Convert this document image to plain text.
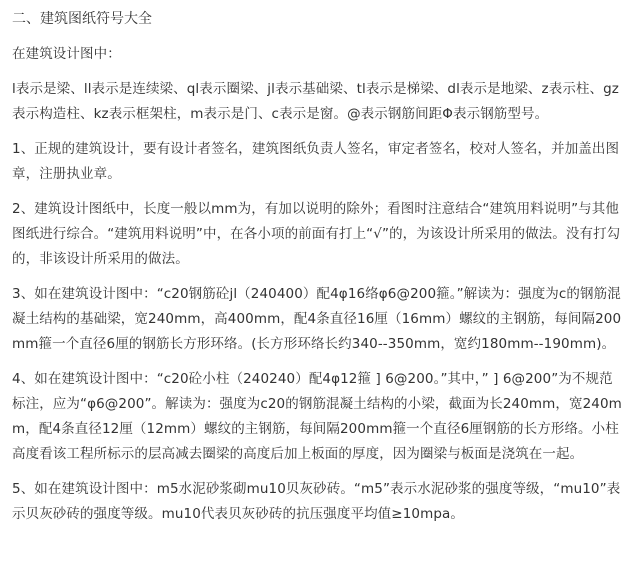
二、建筑图纸符号大全

在建筑设计图中：

l表示是梁、ll表示是连续梁、ql表示圈梁、jl表示基础梁、tl表示是梯梁、dl表示是地梁、z表示柱、gz表示构造柱、kz表示框架柱，m表示是门、c表示是窗。@表示钢筋间距Φ表示钢筋型号。

1、正规的建筑设计，要有设计者签名，建筑图纸负责人签名，审定者签名，校对人签名，并加盖出图章，注册执业章。

2、建筑设计图纸中，长度一般以mm为，有加以说明的除外；看图时注意结合“建筑用料说明”与其他图纸进行综合。“建筑用料说明”中，在各小项的前面有打上“√”的，为该设计所采用的做法。没有打勾的，非该设计所采用的做法。

3、如在建筑设计图中：“c20钢筋砼jl（240400）配4φ16络φ6@200箍。”解读为：强度为c的钢筋混凝土结构的基础梁，宽240mm，高400mm，配4条直径16厘（16mm）螺纹的主钢筋，每间隔200mm箍一个直径6厘的钢筋长方形环络。(长方形环络长约340--350mm，宽约180mm--190mm)。

4、如在建筑设计图中：“c20砼小柱（240240）配4φ12箍 ] 6@200。”其中，” ] 6@200”为不规范标注，应为“φ6@200”。解读为：强度为c20的钢筋混凝土结构的小梁，截面为长240mm，宽240mm，配4条直径12厘（12mm）螺纹的主钢筋，每间隔200mm箍一个直径6厘钢筋的长方形络。小柱高度看该工程所标示的层高减去圈梁的高度后加上板面的厚度，因为圈梁与板面是浇筑在一起。

5、如在建筑设计图中：m5水泥砂浆砌mu10贝灰砂砖。“m5”表示水泥砂浆的强度等级，“mu10”表示贝灰砂砖的强度等级。mu10代表贝灰砂砖的抗压强度平均值≥10mpa。
